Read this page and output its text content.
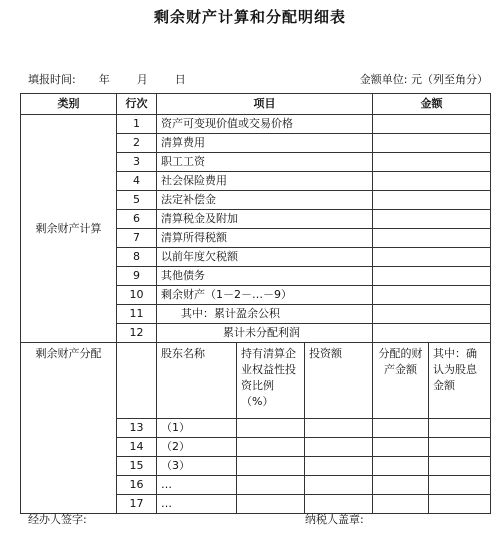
剩余财产计算和分配明细表
填报时间: 年 月 日	金额单位: 元（列至角分）
类别	行次	项目			金额	
剩余财产计算	1	资产可变现价值或交易价格				
	2	清算费用				
	3	职工工资				
	4	社会保险费用				
	5	法定补偿金				
	6	清算税金及附加				
	7	清算所得税额				
	8	以前年度欠税额				
	9	其他债务				
	10	剩余财产（1－2－…－9）				
	11	其中：累计盈余公积				
	12	累计未分配利润				
剩余财产分配		股东名称	持有清算企业权益性投资比例（%）	投资额	分配的财产金额	其中：确认为股息金额

	13	（1）				
	14	（2）				
	15	（3）				
	16	…				
	17	…				
经办人签字:	纳税人盖章:
